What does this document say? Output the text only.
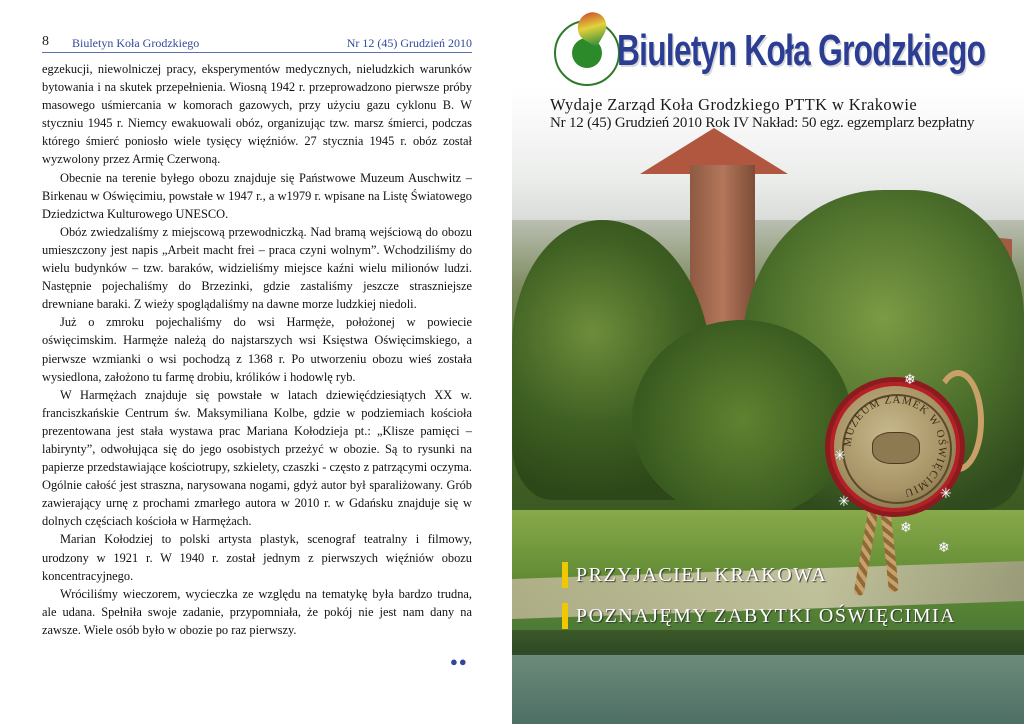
8 Biuletyn Koła Grodzkiego	Nr 12 (45) Grudzień 2010

egzekucji, niewolniczej pracy, eksperymentów medycznych, nieludzkich warunków bytowania i na skutek przepełnienia. Wiosną 1942 r. przeprowadzono pierwsze próby masowego uśmiercania w komorach gazowych, przy użyciu gazu cyklonu B. W styczniu 1945 r. Niemcy ewakuowali obóz, organizując tzw. marsz śmierci, podczas którego śmierć poniosło wiele tysięcy więźniów. 27 stycznia 1945 r. obóz został wyzwolony przez Armię Czerwoną.

Obecnie na terenie byłego obozu znajduje się Państwowe Muzeum Auschwitz – Birkenau w Oświęcimiu, powstałe w 1947 r., a w1979 r. wpisane na Listę Światowego Dziedzictwa Kulturowego UNESCO.

Obóz zwiedzaliśmy z miejscową przewodniczką. Nad bramą wejściową do obozu umieszczony jest napis „Arbeit macht frei – praca czyni wolnym”. Wchodziliśmy do wielu budynków – tzw. baraków, widzieliśmy miejsce kaźni wielu milionów ludzi. Następnie pojechaliśmy do Brzezinki, gdzie zastaliśmy jeszcze straszniejsze drewniane baraki. Z wieży spoglądaliśmy na dawne morze ludzkiej niedoli.

Już o zmroku pojechaliśmy do wsi Harmęże, położonej w powiecie oświęcimskim. Harmęże należą do najstarszych wsi Księstwa Oświęcimskiego, a pierwsze wzmianki o wsi pochodzą z 1368 r. Po utworzeniu obozu wieś została wysiedlona, założono tu farmę drobiu, królików i hodowlę ryb.

W Harmężach znajduje się powstałe w latach dziewięćdziesiątych XX w. franciszkańskie Centrum św. Maksymiliana Kolbe, gdzie w podziemiach kościoła prezentowana jest stała wystawa prac Mariana Kołodzieja pt.: „Klisze pamięci – labirynty”, odwołująca się do jego osobistych przeżyć w obozie. Są to rysunki na papierze przedstawiające kościotrupy, szkielety, czaszki - często z patrzącymi oczyma. Ogólnie całość jest straszna, narysowana nogami, gdyż autor był sparaliżowany. Grób zawierający urnę z prochami zmarłego autora w 2010 r. w Gdańsku znajduje się w dolnych częściach kościoła w Harmężach.

Marian Kołodziej to polski artysta plastyk, scenograf teatralny i filmowy, urodzony w 1921 r. W 1940 r. został jednym z pierwszych więźniów obozu koncentracyjnego.

Wróciliśmy wieczorem, wycieczka ze względu na tematykę była bardzo trudna, ale udana. Spełniła swoje zadanie, przypomniała, że pokój nie jest nam dany na zawsze. Wiele osób było w obozie po raz pierwszy.

●●
Biuletyn Koła Grodzkiego
Wydaje Zarząd Koła Grodzkiego PTTK w Krakowie
Nr 12 (45) Grudzień 2010 Rok IV Nakład: 50 egz. egzemplarz bezpłatny
MUZEUM ZAMEK W OŚWIĘCIMIU
❄
✳
✳	✳
❄
❄
PRZYJACIEL KRAKOWA
POZNAJĘMY ZABYTKI OŚWIĘCIMIA
